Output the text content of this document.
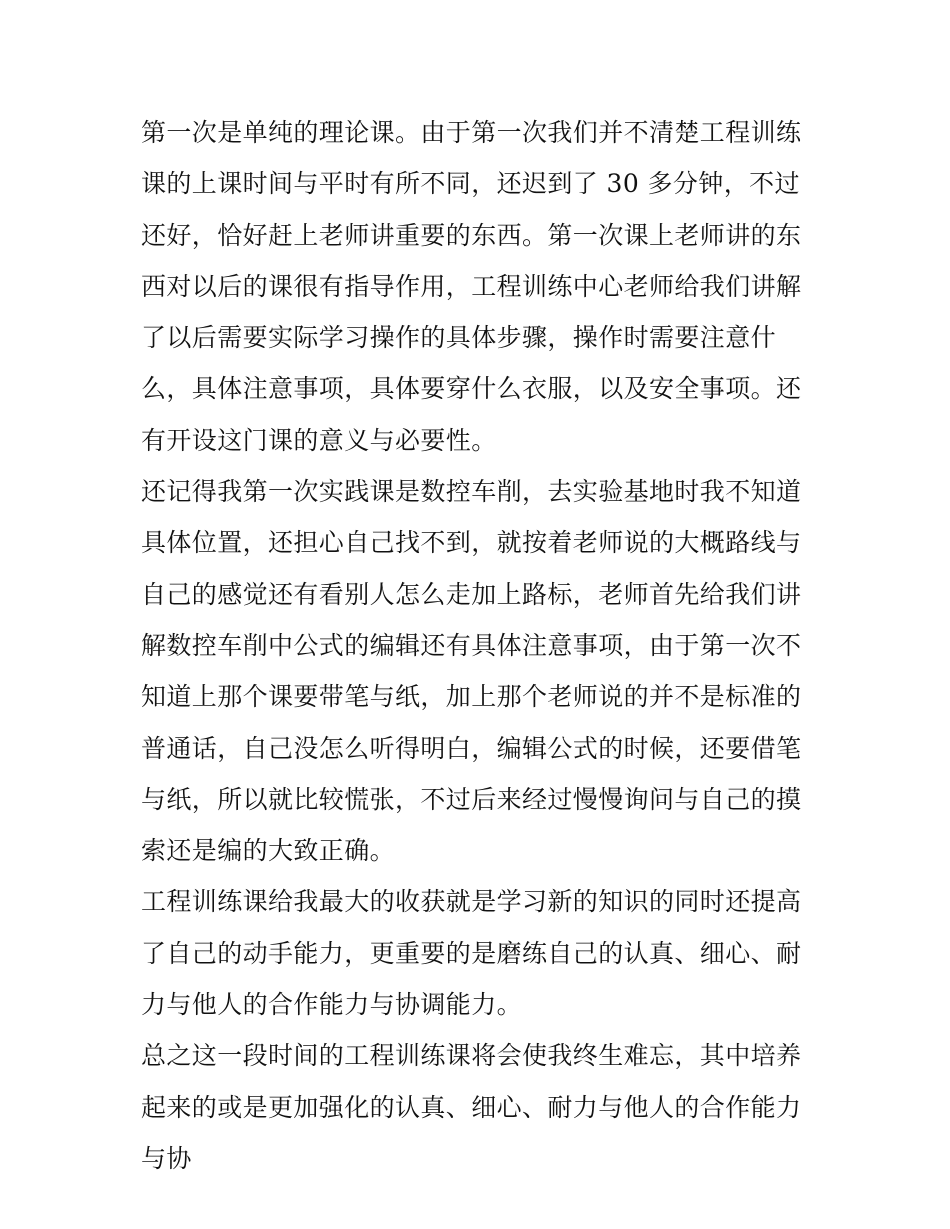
第一次是单纯的理论课。由于第一次我们并不清楚工程训练课的上课时间与平时有所不同，还迟到了 30 多分钟，不过还好，恰好赶上老师讲重要的东西。第一次课上老师讲的东西对以后的课很有指导作用，工程训练中心老师给我们讲解了以后需要实际学习操作的具体步骤，操作时需要注意什么，具体注意事项，具体要穿什么衣服，以及安全事项。还有开设这门课的意义与必要性。

还记得我第一次实践课是数控车削，去实验基地时我不知道具体位置，还担心自己找不到，就按着老师说的大概路线与自己的感觉还有看别人怎么走加上路标，老师首先给我们讲解数控车削中公式的编辑还有具体注意事项，由于第一次不知道上那个课要带笔与纸，加上那个老师说的并不是标准的普通话，自己没怎么听得明白，编辑公式的时候，还要借笔与纸，所以就比较慌张，不过后来经过慢慢询问与自己的摸索还是编的大致正确。

工程训练课给我最大的收获就是学习新的知识的同时还提高了自己的动手能力，更重要的是磨练自己的认真、细心、耐力与他人的合作能力与协调能力。

总之这一段时间的工程训练课将会使我终生难忘，其中培养起来的或是更加强化的认真、细心、耐力与他人的合作能力与协
